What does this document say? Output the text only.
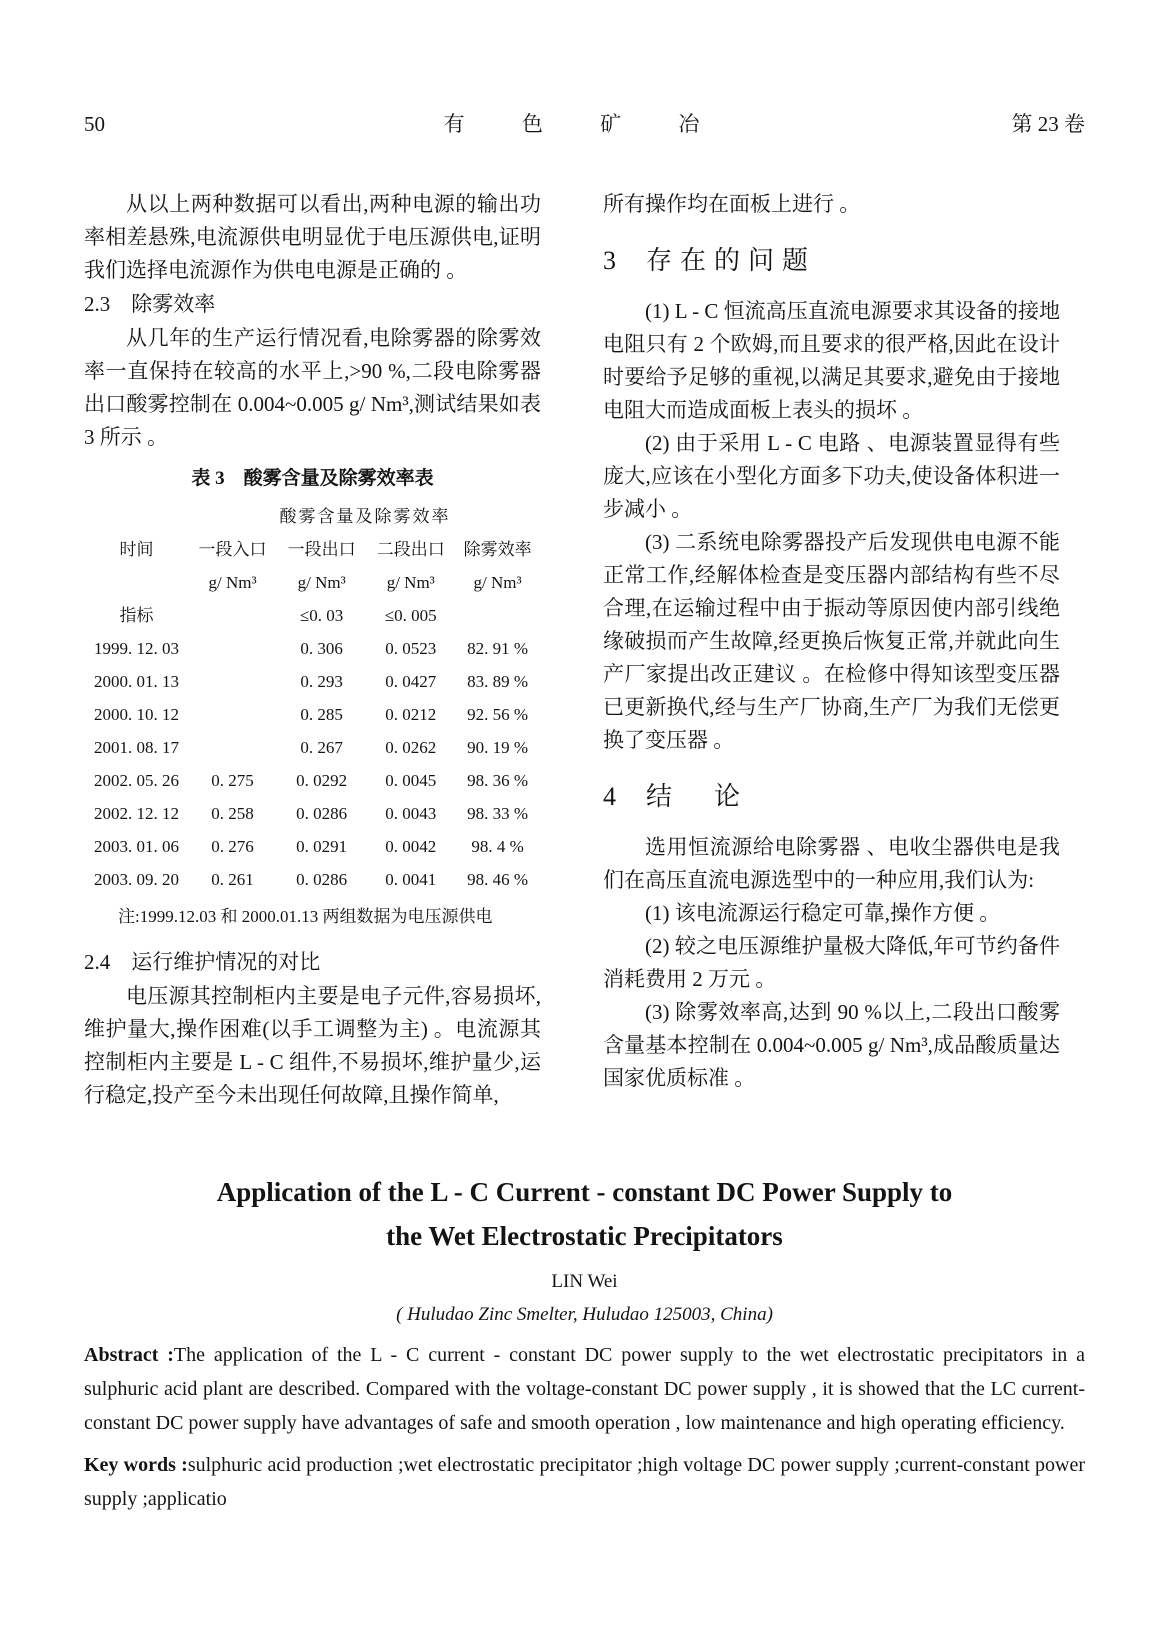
50	有 色 矿 冶	第 23 卷

从以上两种数据可以看出,两种电源的输出功率相差悬殊,电流源供电明显优于电压源供电,证明我们选择电流源作为供电电源是正确的 。

2.3　除雾效率

从几年的生产运行情况看,电除雾器的除雾效率一直保持在较高的水平上,>90 %,二段电除雾器出口酸雾控制在 0.004~0.005 g/ Nm³,测试结果如表 3 所示 。

表 3　酸雾含量及除雾效率表
	酸雾含量及除雾效率			
时间	一段入口	一段出口	二段出口	除雾效率
	g/ Nm³	g/ Nm³	g/ Nm³	g/ Nm³
指标		≤0. 03	≤0. 005	
1999. 12. 03		0. 306	0. 0523	82. 91 %
2000. 01. 13		0. 293	0. 0427	83. 89 %
2000. 10. 12		0. 285	0. 0212	92. 56 %
2001. 08. 17		0. 267	0. 0262	90. 19 %
2002. 05. 26	0. 275	0. 0292	0. 0045	98. 36 %
2002. 12. 12	0. 258	0. 0286	0. 0043	98. 33 %
2003. 01. 06	0. 276	0. 0291	0. 0042	98. 4 %
2003. 09. 20	0. 261	0. 0286	0. 0041	98. 46 %
注:1999.12.03 和 2000.01.13 两组数据为电压源供电
2.4　运行维护情况的对比

电压源其控制柜内主要是电子元件,容易损坏,维护量大,操作困难(以手工调整为主) 。电流源其控制柜内主要是 L - C 组件,不易损坏,维护量少,运行稳定,投产至今未出现任何故障,且操作简单,

所有操作均在面板上进行 。

3 存在的问题

(1) L - C 恒流高压直流电源要求其设备的接地电阻只有 2 个欧姆,而且要求的很严格,因此在设计时要给予足够的重视,以满足其要求,避免由于接地电阻大而造成面板上表头的损坏 。

(2) 由于采用 L - C 电路 、电源装置显得有些庞大,应该在小型化方面多下功夫,使设备体积进一步减小 。

(3) 二系统电除雾器投产后发现供电电源不能正常工作,经解体检查是变压器内部结构有些不尽合理,在运输过程中由于振动等原因使内部引线绝缘破损而产生故障,经更换后恢复正常,并就此向生产厂家提出改正建议 。在检修中得知该型变压器已更新换代,经与生产厂协商,生产厂为我们无偿更换了变压器 。

4 结　论

选用恒流源给电除雾器 、电收尘器供电是我们在高压直流电源选型中的一种应用,我们认为:

(1) 该电流源运行稳定可靠,操作方便 。

(2) 较之电压源维护量极大降低,年可节约备件消耗费用 2 万元 。

(3) 除雾效率高,达到 90 %以上,二段出口酸雾含量基本控制在 0.004~0.005 g/ Nm³,成品酸质量达国家优质标准 。

Application of the L - C Current - constant DC Power Supply to
the Wet Electrostatic Precipitators
LIN Wei
( Huludao Zinc Smelter, Huludao 125003, China)

Abstract :The application of the L - C current - constant DC power supply to the wet electrostatic precipitators in a sulphuric acid plant are described. Compared with the voltage-constant DC power supply , it is showed that the LC current-constant DC power supply have advantages of safe and smooth operation , low maintenance and high operating efficiency.

Key words :sulphuric acid production ;wet electrostatic precipitator ;high voltage DC power supply ;current-constant power supply ;applicatio
